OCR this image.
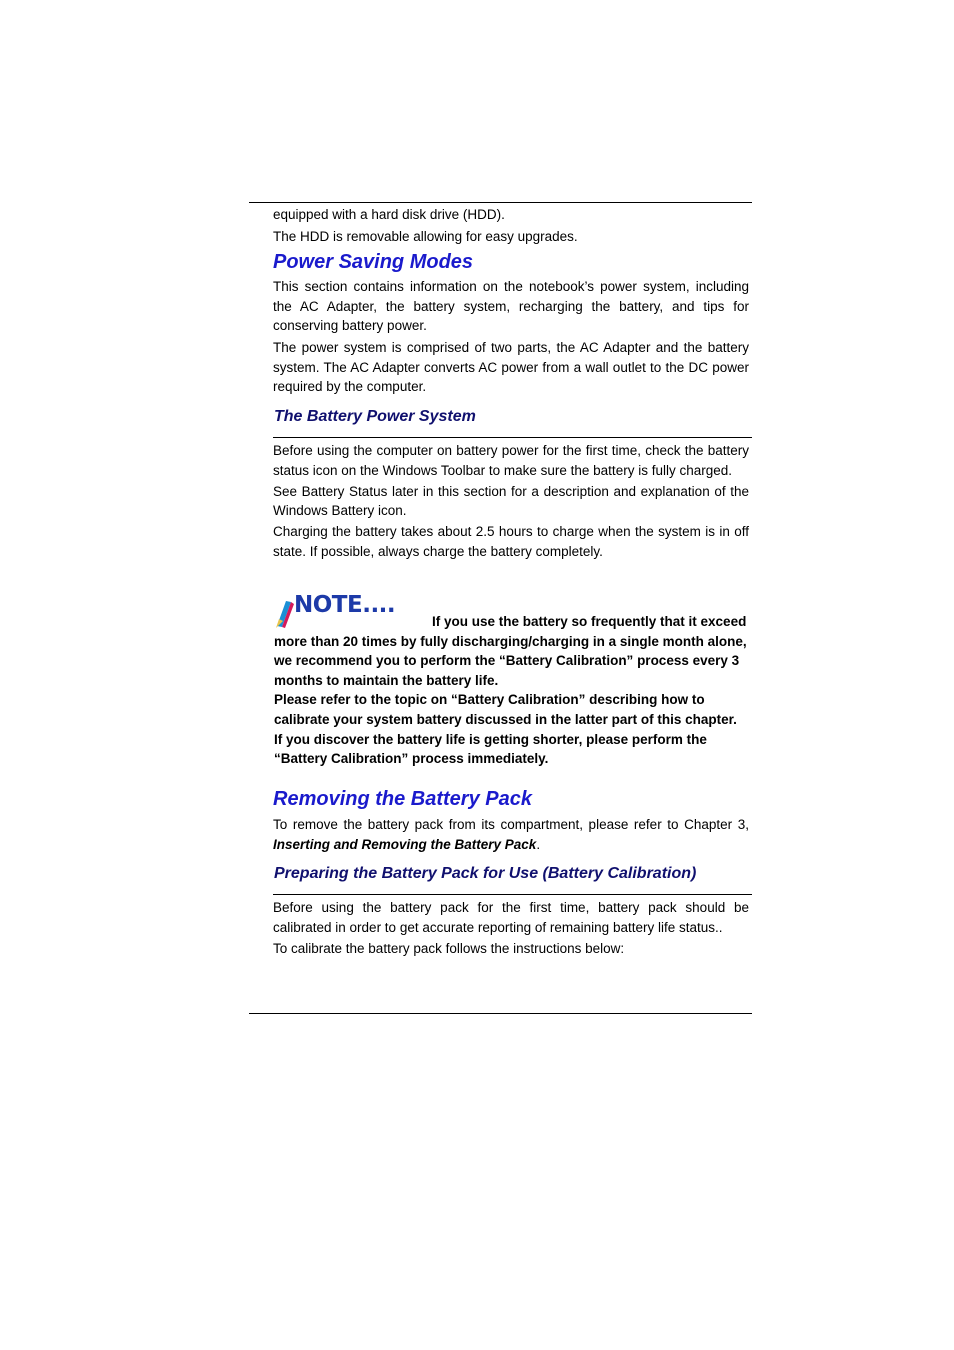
equipped with a hard disk drive (HDD).

The HDD is removable allowing for easy upgrades.

Power Saving Modes

This section contains information on the notebook’s power system, including the AC Adapter, the battery system, recharging the battery, and tips for conserving battery power.

The power system is comprised of two parts, the AC Adapter and the battery system. The AC Adapter converts AC power from a wall outlet to the DC power required by the computer.

The Battery Power System

Before using the computer on battery power for the first time, check the battery status icon on the Windows Toolbar to make sure the battery is fully charged.

See Battery Status later in this section for a description and explanation of the Windows Battery icon.

Charging the battery takes about 2.5 hours to charge when the system is in off state. If possible, always charge the battery completely.

NOTE....
If you use the battery so frequently that it exceed more than 20 times by fully discharging/charging in a single month alone, we recommend you to perform the “Battery Calibration” process every 3 months to maintain the battery life.

Please refer to the topic on “Battery Calibration” describing how to calibrate your system battery discussed in the latter part of this chapter.

If you discover the battery life is getting shorter, please perform the “Battery Calibration” process immediately.

Removing the Battery Pack

To remove the battery pack from its compartment, please refer to Chapter 3, Inserting and Removing the Battery Pack.

Preparing the Battery Pack for Use (Battery Calibration)

Before using the battery pack for the first time, battery pack should be calibrated in order to get accurate reporting of remaining battery life status..

To calibrate the battery pack follows the instructions below:
